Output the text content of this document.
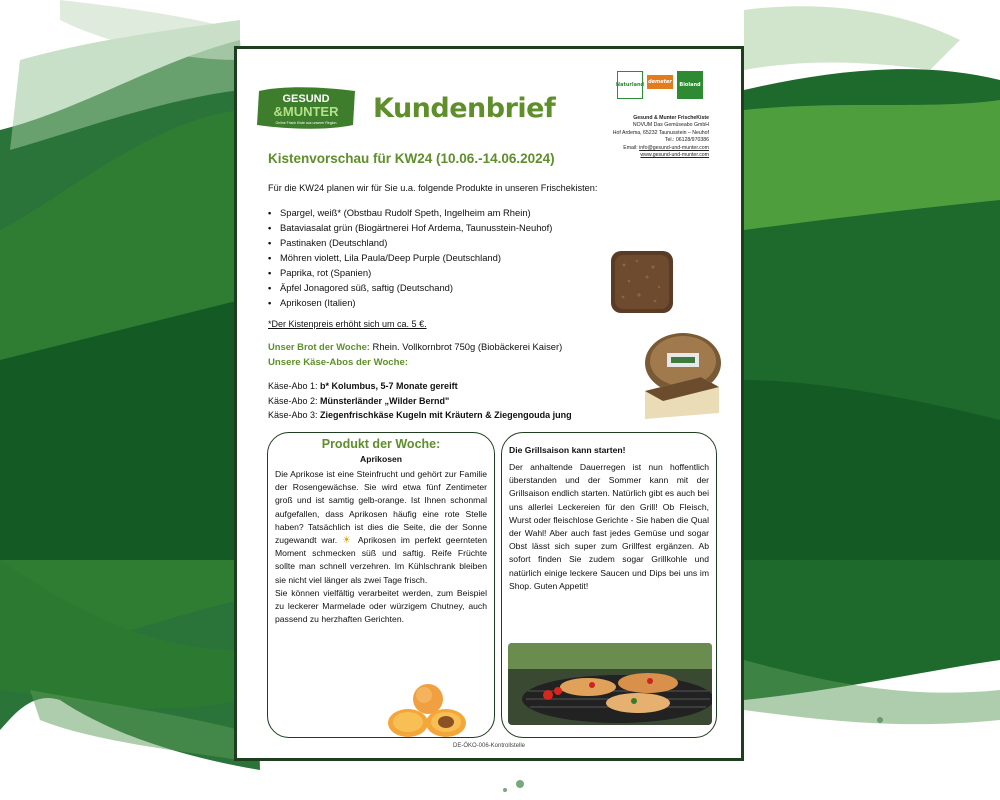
GESUND
&MUNTER
Online Frisch Kiste aus unserer Region Kundenbrief
Naturland demeter	Bioland
Gesund & Munter FrischeKiste
NOVUM Das Gemüseabo GmbH
Hof Ardema, 65232 Taunusstein – Neuhof
Tel.: 06128/970386
Email: info@gesund-und-munter.com
www.gesund-und-munter.com
Kistenvorschau für KW24 (10.06.-14.06.2024)
Für die KW24 planen wir für Sie u.a. folgende Produkte in unseren Frischekisten:
• Spargel, weiß* (Obstbau Rudolf Speth, Ingelheim am Rhein)
• Bataviasalat grün (Biogärtnerei Hof Ardema, Taunusstein-Neuhof)
• Pastinaken (Deutschland)
• Möhren violett, Lila Paula/Deep Purple (Deutschland)
• Paprika, rot (Spanien)
• Äpfel Jonagored süß, saftig (Deutschand)
• Aprikosen (Italien)
*Der Kistenpreis erhöht sich um ca. 5 €.
Unser Brot der Woche: Rhein. Vollkornbrot 750g (Biobäckerei Kaiser)
Unsere Käse-Abos der Woche:
Käse-Abo 1: b* Kolumbus, 5-7 Monate gereift
Käse-Abo 2: Münsterländer „Wilder Bernd"
Käse-Abo 3: Ziegenfrischkäse Kugeln mit Kräutern & Ziegengouda jung
Produkt der Woche:
Aprikosen
Die Aprikose ist eine Steinfrucht und gehört zur Familie der Rosengewächse. Sie wird etwa fünf Zentimeter groß und ist samtig gelb-orange. Ist Ihnen schonmal aufgefallen, dass Aprikosen häufig eine rote Stelle haben? Tatsächlich ist dies die Seite, die der Sonne zugewandt war. ☀ Aprikosen im perfekt geernteten Moment schmecken süß und saftig. Reife Früchte sollte man schnell verzehren. Im Kühlschrank bleiben sie nicht viel länger als zwei Tage frisch.
Sie können vielfältig verarbeitet werden, zum Beispiel zu leckerer Marmelade oder würzigem Chutney, auch passend zu herzhaften Gerichten.
Die Grillsaison kann starten!
Der anhaltende Dauerregen ist nun hoffentlich überstanden und der Sommer kann mit der Grillsaison endlich starten. Natürlich gibt es auch bei uns allerlei Leckereien für den Grill! Ob Fleisch, Wurst oder fleischlose Gerichte - Sie haben die Qual der Wahl! Aber auch fast jedes Gemüse und sogar Obst lässt sich super zum Grillfest ergänzen. Ab sofort finden Sie zudem sogar Grillkohle und natürlich einige leckere Saucen und Dips bei uns im Shop. Guten Appetit!
DE-ÖKO-006-Kontrollstelle
